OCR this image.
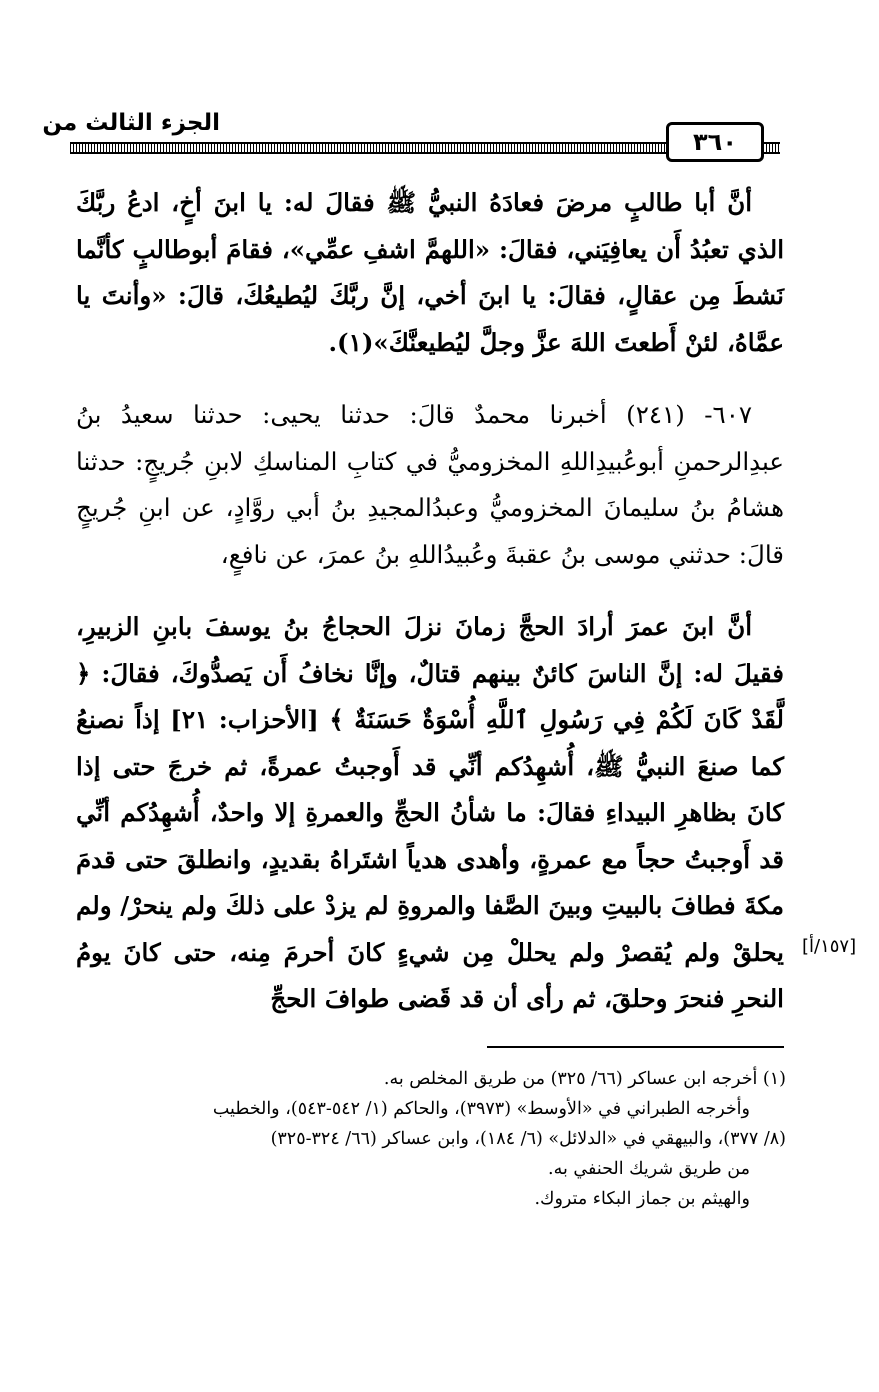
الجزء الثالث من
٣٦٠

أنَّ أبا طالبٍ مرضَ فعادَهُ النبيُّ ﷺ فقالَ له: يا ابنَ أخٍ، ادعُ ربَّكَ الذي تعبُدُ أَن يعافِيَني، فقالَ: «اللهمَّ اشفِ عمِّي»، فقامَ أبوطالبٍ كأنَّما نَشطَ مِن عقالٍ، فقالَ: يا ابنَ أخي، إنَّ ربَّكَ ليُطيعُكَ، قالَ: «وأنتَ يا عمَّاهُ، لئنْ أَطعتَ اللهَ عزَّ وجلَّ ليُطيعنَّكَ»(١).

٦٠٧- (٢٤١) أخبرنا محمدٌ قالَ: حدثنا يحيى: حدثنا سعيدُ بنُ عبدِالرحمنِ أبوعُبيدِاللهِ المخزوميُّ في كتابِ المناسكِ لابنِ جُريجٍ: حدثنا هشامُ بنُ سليمانَ المخزوميُّ وعبدُالمجيدِ بنُ أبي روَّادٍ، عن ابنِ جُريجٍ قالَ: حدثني موسى بنُ عقبةَ وعُبيدُاللهِ بنُ عمرَ، عن نافعٍ،

أنَّ ابنَ عمرَ أرادَ الحجَّ زمانَ نزلَ الحجاجُ بنُ يوسفَ بابنِ الزبيرِ، فقيلَ له: إنَّ الناسَ كائنٌ بينهم قتالٌ، وإنَّا نخافُ أَن يَصدُّوكَ، فقالَ: ﴿ لَّقَدْ كَانَ لَكُمْ فِي رَسُولِ ٱللَّهِ أُسْوَةٌ حَسَنَةٌ ﴾ [الأحزاب: ٢١] إذاً نصنعُ كما صنعَ النبيُّ ﷺ، أُشهِدُكم أنِّي قد أَوجبتُ عمرةً، ثم خرجَ حتى إذا كانَ بظاهرِ البيداءِ فقالَ: ما شأنُ الحجِّ والعمرةِ إلا واحدٌ، أُشهِدُكم أنِّي قد أَوجبتُ حجاً مع عمرةٍ، وأهدى هدياً اشتَراهُ بقديدٍ، وانطلقَ حتى قدمَ مكةَ فطافَ بالبيتِ وبينَ الصَّفا والمروةِ لم يزدْ على ذلكَ ولم ينحرْ/ ولم يحلقْ ولم يُقصرْ ولم يحللْ مِن شيءٍ كانَ أحرمَ مِنه، حتى كانَ يومُ النحرِ فنحرَ وحلقَ، ثم رأى أن قد قَضى طوافَ الحجِّ

[١٥٧/أ]

(١) أخرجه ابن عساكر (٦٦/ ٣٢٥) من طريق المخلص به.

وأخرجه الطبراني في «الأوسط» (٣٩٧٣)، والحاكم (١/ ٥٤٢-٥٤٣)، والخطيب

(٨/ ٣٧٧)، والبيهقي في «الدلائل» (٦/ ١٨٤)، وابن عساكر (٦٦/ ٣٢٤-٣٢٥)

من طريق شريك الحنفي به.

والهيثم بن جماز البكاء متروك.
